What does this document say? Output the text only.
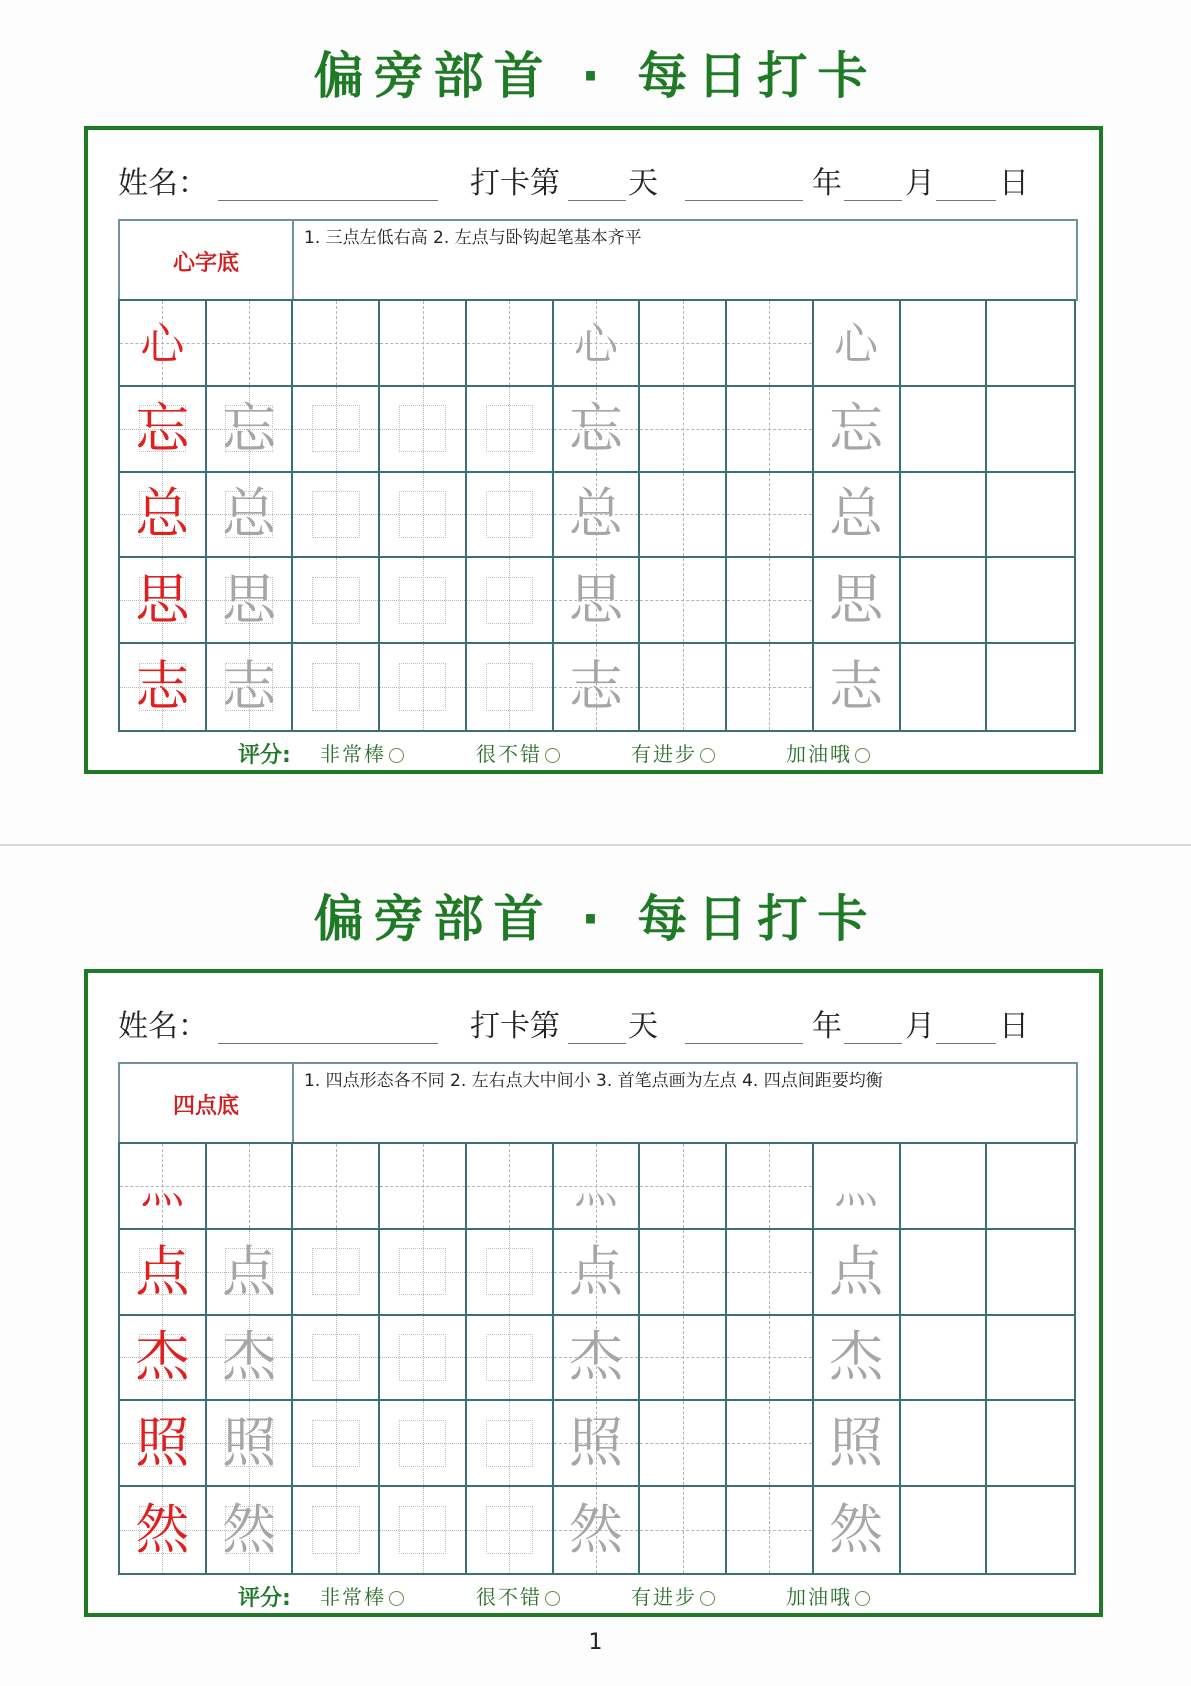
偏旁部首 · 每日打卡
姓名：	打卡第 天	年 月 日
心字底
1. 三点左低右高 2. 左点与卧钩起笔基本齐平
心	心	心
忘 忘	忘	忘
总 总	总	总
思 思	思	思
志 志	志	志
评分: 非常棒	很不错	有进步	加油哦
偏旁部首 · 每日打卡
姓名：	打卡第 天	年 月 日
四点底
1. 四点形态各不同 2. 左右点大中间小 3. 首笔点画为左点 4. 四点间距要均衡
灬	灬	灬
点 点	点	点
杰 杰	杰	杰
照 照	照	照
然 然	然	然
评分: 非常棒	很不错	有进步	加油哦
1
